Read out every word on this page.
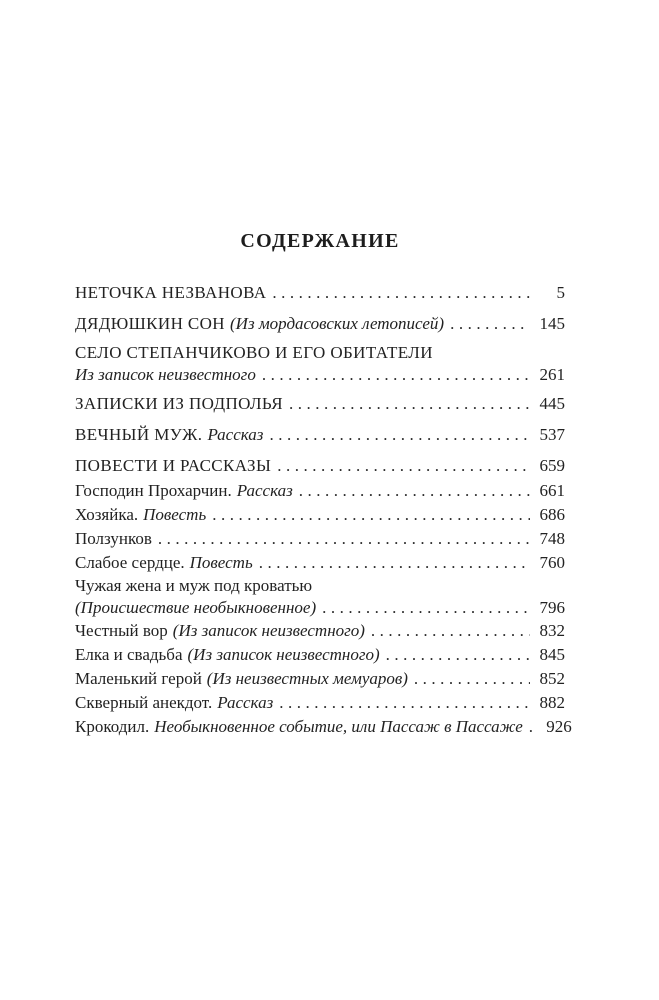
СОДЕРЖАНИЕ
НЕТОЧКА НЕЗВАНОВА .....	5
ДЯДЮШКИН СОН (Из мордасовских летописей) .....	145
СЕЛО СТЕПАНЧИКОВО И ЕГО ОБИТАТЕЛИ
Из записок неизвестного .....	261
ЗАПИСКИ ИЗ ПОДПОЛЬЯ .....	445
ВЕЧНЫЙ МУЖ. Рассказ .....	537
ПОВЕСТИ И РАССКАЗЫ .....	659
Господин Прохарчин. Рассказ .....	661
Хозяйка. Повесть .....	686
Ползунков .....	748
Слабое сердце. Повесть .....	760
Чужая жена и муж под кроватью
(Происшествие необыкновенное) .....	796
Честный вор (Из записок неизвестного) .....	832
Елка и свадьба (Из записок неизвестного) .....	845
Маленький герой (Из неизвестных мемуаров) .....	852
Скверный анекдот. Рассказ .....	882
Крокодил. Необыкновенное событие, или Пассаж в Пассаже .....	926
